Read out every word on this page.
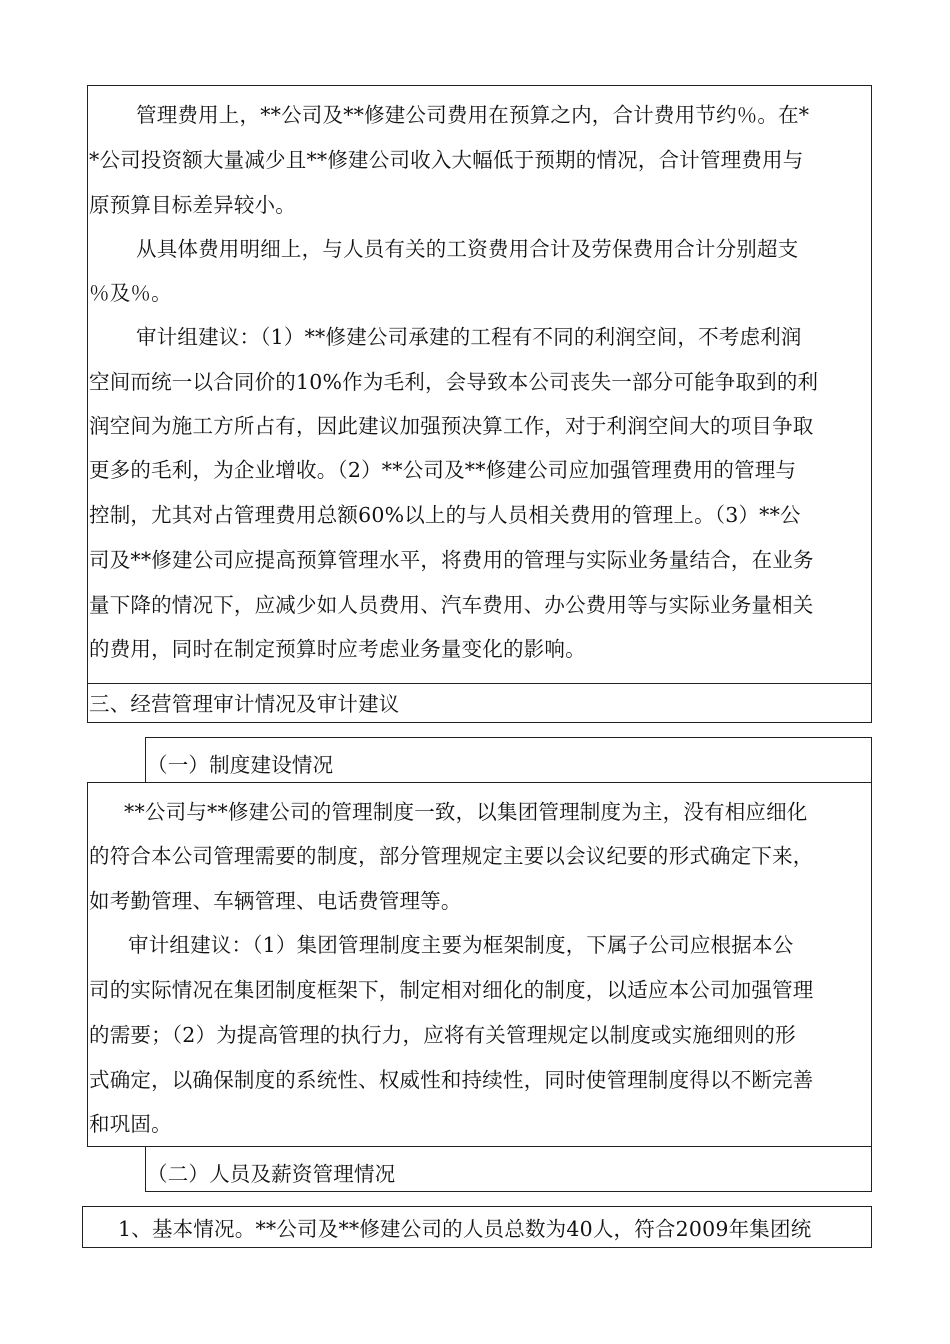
管理费用上，**公司及**修建公司费用在预算之内，合计费用节约％。在*
*公司投资额大量减少且**修建公司收入大幅低于预期的情况，合计管理费用与
原预算目标差异较小。
从具体费用明细上，与人员有关的工资费用合计及劳保费用合计分别超支
％及％。
审计组建议：（1）**修建公司承建的工程有不同的利润空间，不考虑利润
空间而统一以合同价的10%作为毛利，会导致本公司丧失一部分可能争取到的利
润空间为施工方所占有，因此建议加强预决算工作，对于利润空间大的项目争取
更多的毛利，为企业增收。（2）**公司及**修建公司应加强管理费用的管理与
控制，尤其对占管理费用总额60%以上的与人员相关费用的管理上。（3）**公
司及**修建公司应提高预算管理水平，将费用的管理与实际业务量结合，在业务
量下降的情况下，应减少如人员费用、汽车费用、办公费用等与实际业务量相关
的费用，同时在制定预算时应考虑业务量变化的影响。
三、经营管理审计情况及审计建议
（一）制度建设情况
**公司与**修建公司的管理制度一致，以集团管理制度为主，没有相应细化
的符合本公司管理需要的制度，部分管理规定主要以会议纪要的形式确定下来，
如考勤管理、车辆管理、电话费管理等。
审计组建议：（1）集团管理制度主要为框架制度，下属子公司应根据本公
司的实际情况在集团制度框架下，制定相对细化的制度，以适应本公司加强管理
的需要；（2）为提高管理的执行力，应将有关管理规定以制度或实施细则的形
式确定，以确保制度的系统性、权威性和持续性，同时使管理制度得以不断完善
和巩固。
（二）人员及薪资管理情况
1、基本情况。**公司及**修建公司的人员总数为40人，符合2009年集团统
